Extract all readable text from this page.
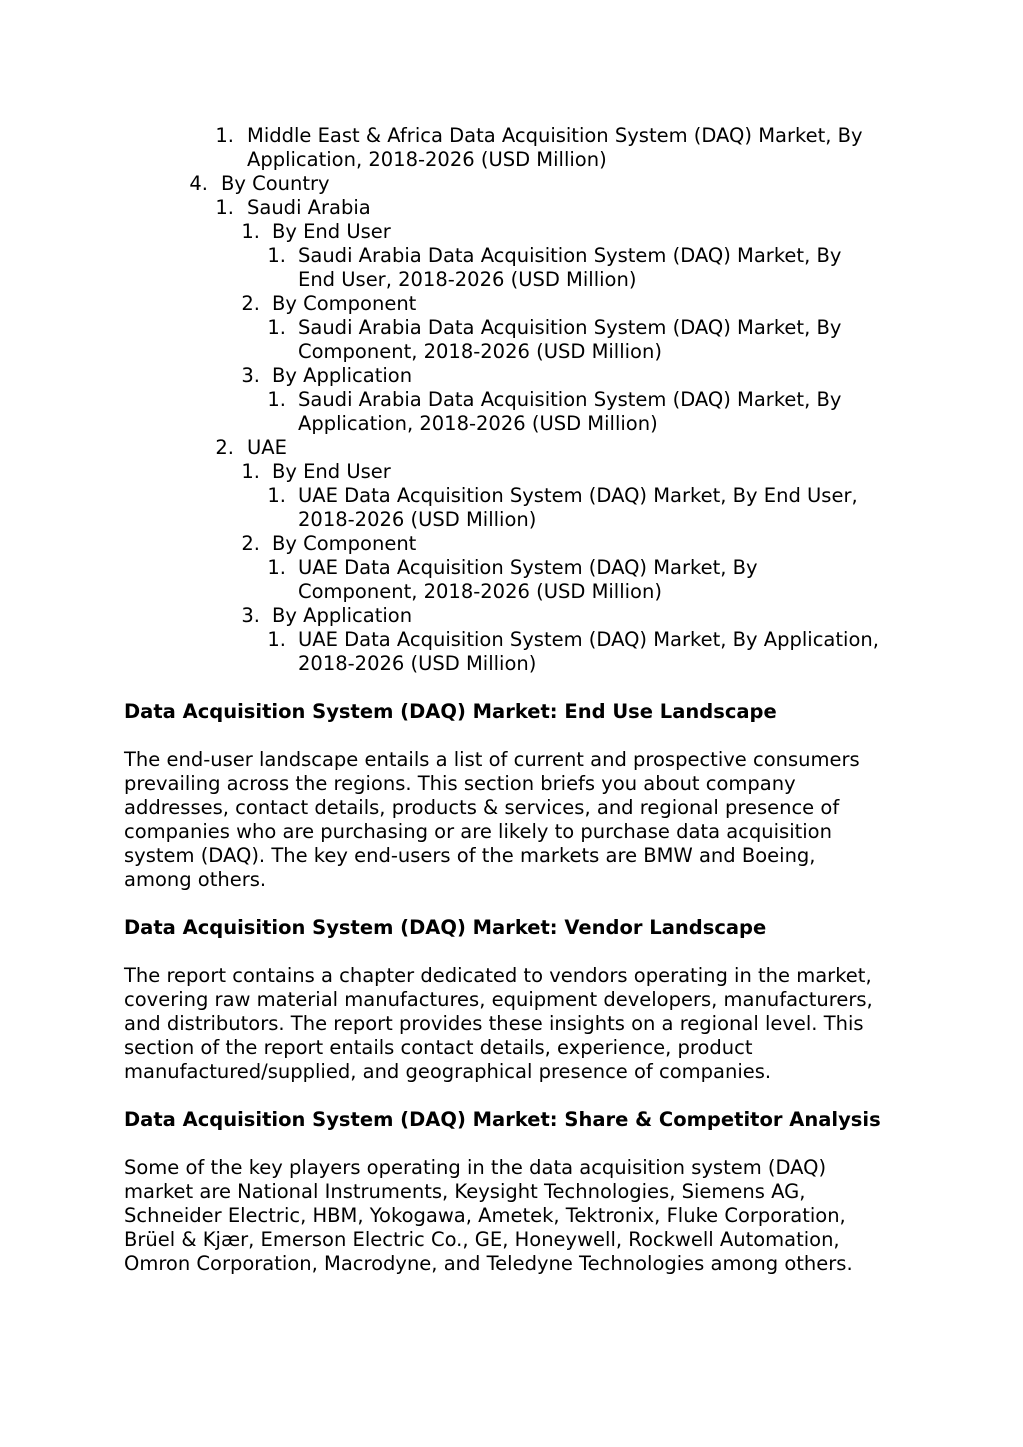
1. Middle East & Africa Data Acquisition System (DAQ) Market, By
Application, 2018-2026 (USD Million)
4. By Country
1. Saudi Arabia
1. By End User
1. Saudi Arabia Data Acquisition System (DAQ) Market, By
End User, 2018-2026 (USD Million)
2. By Component
1. Saudi Arabia Data Acquisition System (DAQ) Market, By
Component, 2018-2026 (USD Million)
3. By Application
1. Saudi Arabia Data Acquisition System (DAQ) Market, By
Application, 2018-2026 (USD Million)
2. UAE
1. By End User
1. UAE Data Acquisition System (DAQ) Market, By End User,
2018-2026 (USD Million)
2. By Component
1. UAE Data Acquisition System (DAQ) Market, By
Component, 2018-2026 (USD Million)
3. By Application
1. UAE Data Acquisition System (DAQ) Market, By Application,
2018-2026 (USD Million)
Data Acquisition System (DAQ) Market: End Use Landscape
The end-user landscape entails a list of current and prospective consumers
prevailing across the regions. This section briefs you about company
addresses, contact details, products & services, and regional presence of
companies who are purchasing or are likely to purchase data acquisition
system (DAQ). The key end-users of the markets are BMW and Boeing,
among others.
Data Acquisition System (DAQ) Market: Vendor Landscape
The report contains a chapter dedicated to vendors operating in the market,
covering raw material manufactures, equipment developers, manufacturers,
and distributors. The report provides these insights on a regional level. This
section of the report entails contact details, experience, product
manufactured/supplied, and geographical presence of companies.
Data Acquisition System (DAQ) Market: Share & Competitor Analysis
Some of the key players operating in the data acquisition system (DAQ)
market are National Instruments, Keysight Technologies, Siemens AG,
Schneider Electric, HBM, Yokogawa, Ametek, Tektronix, Fluke Corporation,
Brüel & Kjær, Emerson Electric Co., GE, Honeywell, Rockwell Automation,
Omron Corporation, Macrodyne, and Teledyne Technologies among others.
